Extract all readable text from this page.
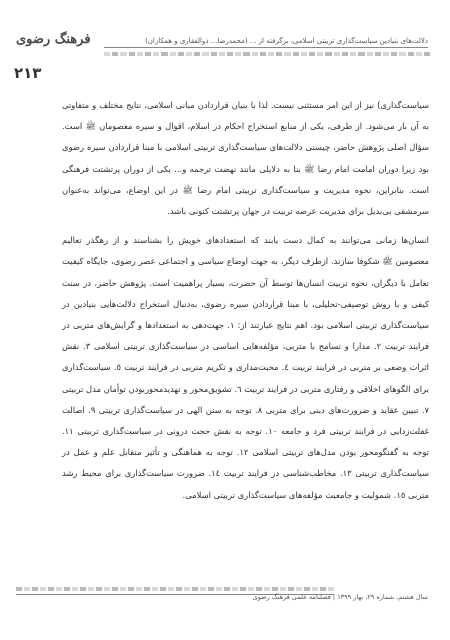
فرهنگ رضوی	دلالت‌های بنیادین سیاست‌گذاری تربیتی اسلامی، برگرفته از ... (محمدرضا... ذوالفقاری و همکاران)
۲۱۳

سیاست‌گذاری) نیز از این امر مستثنی نیست. لذا با بنیان قراردادن مبانی اسلامی، نتایج مختلف و متفاوتی به آن بار می‌شود. از طرفی، یکی از منابع استخراج احکام در اسلام، اقوال و سیره معصومان ﷺ است. سؤال اصلی پژوهش حاضر، چیستی دلالت‌های سیاست‌گذاری تربیتی اسلامی با مبنا قراردادن سیره رضوی بود زیرا دوران امامت امام رضا ﷺ بنا به دلایلی مانند نهضت ترجمه و... یکی از دوران پرتشتت فرهنگی است. بنابراین، نحوه مدیریت و سیاست‌گذاری تربیتی امام رضا ﷺ در این اوضاع، می‌تواند به‌عنوان سرمشقی بی‌بدیل برای مدیریت عرصه تربیت در جهان پرتشتت کنونی باشد.

انسان‌ها زمانی می‌توانند به کمال دست یابند که استعدادهای خویش را بشناسند و از رهگذر تعالیم معصومین ﷺ شکوفا سازند. ازطرف دیگر، به جهت اوضاع سیاسی و اجتماعی عصر رضوی، جایگاه کیفیت تعامل با دیگران، نحوه تربیت انسان‌ها توسط آن حضرت، بسیار پراهمیت است. پژوهش حاضر، در سنت کیفی و با روش توصیفی-تحلیلی، با مبنا قراردادن سیره رضوی، به‌دنبال استخراج دلالت‌هایی بنیادین در سیاست‌گذاری تربیتی اسلامی بود. اهم نتایج عبارتند از: ۱. جهت‌دهی به استعدادها و گرایش‌های متربی در فرایند تربیت ۲. مدارا و تسامح با متربی، مؤلفه‌هایی اساسی در سیاست‌گذاری تربیتی اسلامی ۳. نقش اثرات وضعی بر متربی در فرایند تربیت ٤. محبت‌مداری و تکریم متربی در فرایند تربیت ٥. سیاست‌گذاری برای الگوهای اخلاقی و رفتاری متربی در فرایند تربیت ٦. تشویق‌محور و تهدیدمحوربودن توأمان مدل تربیتی ۷. تبیین عقاید و ضرورت‌های دینی برای متربی ۸. توجه به سنن الهی در سیاست‌گذاری تربیتی ۹. اصالت غفلت‌زدایی در فرایند تربیتی فرد و جامعه ۱۰. توجه به نقش حجت درونی در سیاست‌گذاری تربیتی ۱۱. توجه به گفتگومحور بودن مدل‌های تربیتی اسلامی ۱۲. توجه به هماهنگی و تأثیر متقابل علم و عمل در سیاست‌گذاری تربیتی ۱۳. مخاطب‌شناسی در فرایند تربیت ۱٤. ضرورت سیاست‌گذاری برای محیط رشد متربی ۱٥. شمولیت و جامعیت مؤلفه‌های سیاست‌گذاری تربیتی اسلامی.

سال هشتم، شماره ۲۹، بهار ۱۳۹۹ | فصلنامه علمی فرهنگ رضوی
